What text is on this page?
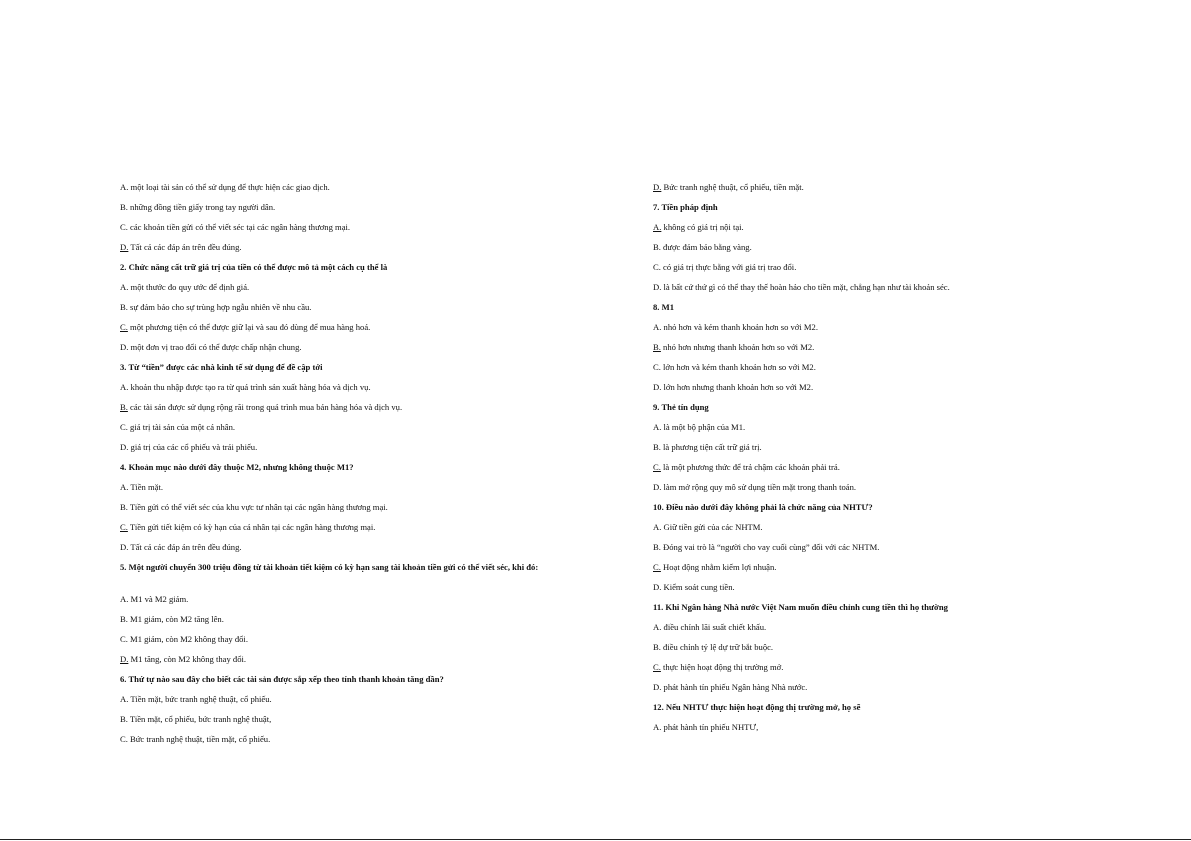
A. một loại tài sản có thể sử dụng để thực hiện các giao dịch.
B. những đồng tiền giấy trong tay người dân.
C. các khoản tiền gửi có thể viết séc tại các ngân hàng thương mại.
D. Tất cả các đáp án trên đều đúng.
2. Chức năng cất trữ giá trị của tiền có thể được mô tả một cách cụ thể là
A. một thước đo quy ước để định giá.
B. sự đảm bảo cho sự trùng hợp ngẫu nhiên về nhu cầu.
C. một phương tiện có thể được giữ lại và sau đó dùng để mua hàng hoá.
D. một đơn vị trao đổi có thể được chấp nhận chung.
3. Từ “tiền” được các nhà kinh tế sử dụng để đề cập tới
A. khoản thu nhập được tạo ra từ quá trình sản xuất hàng hóa và dịch vụ.
B. các tài sản được sử dụng rộng rãi trong quá trình mua bán hàng hóa và dịch vụ.
C. giá trị tài sản của một cá nhân.
D. giá trị của các cổ phiếu và trái phiếu.
4. Khoản mục nào dưới đây thuộc M2, nhưng không thuộc M1?
A. Tiền mặt.
B. Tiền gửi có thể viết séc của khu vực tư nhân tại các ngân hàng thương mại.
C. Tiền gửi tiết kiệm có kỳ hạn của cá nhân tại các ngân hàng thương mại.
D. Tất cả các đáp án trên đều đúng.
5. Một người chuyển 300 triệu đồng từ tài khoản tiết kiệm có kỳ hạn sang tài khoản tiền gửi có thể viết séc, khi đó:
A. M1 và M2 giảm.
B. M1 giảm, còn M2 tăng lên.
C. M1 giảm, còn M2 không thay đổi.
D. M1 tăng, còn M2 không thay đổi.
6. Thứ tự nào sau đây cho biết các tài sản được sắp xếp theo tính thanh khoản tăng dần?
A. Tiền mặt, bức tranh nghệ thuật, cổ phiếu.
B. Tiền mặt, cổ phiếu, bức tranh nghệ thuật,
C. Bức tranh nghệ thuật, tiền mặt, cổ phiếu.
D. Bức tranh nghệ thuật, cổ phiếu, tiền mặt.
7. Tiền pháp định
A. không có giá trị nội tại.
B. được đảm bảo bằng vàng.
C. có giá trị thực bằng với giá trị trao đổi.
D. là bất cứ thứ gì có thể thay thế hoàn hảo cho tiền mặt, chẳng hạn như tài khoản séc.
8. M1
A. nhỏ hơn và kém thanh khoản hơn so với M2.
B. nhỏ hơn nhưng thanh khoản hơn so với M2.
C. lớn hơn và kém thanh khoản hơn so với M2.
D. lớn hơn nhưng thanh khoản hơn so với M2.
9. Thẻ tín dụng
A. là một bộ phận của M1.
B. là phương tiện cất trữ giá trị.
C. là một phương thức để trả chậm các khoản phải trả.
D. làm mở rộng quy mô sử dụng tiền mặt trong thanh toán.
10. Điều nào dưới đây không phải là chức năng của NHTƯ?
A. Giữ tiền gửi của các NHTM.
B. Đóng vai trò là “người cho vay cuối cùng” đối với các NHTM.
C. Hoạt động nhằm kiếm lợi nhuận.
D. Kiểm soát cung tiền.
11. Khi Ngân hàng Nhà nước Việt Nam muốn điều chỉnh cung tiền thì họ thường
A. điều chỉnh lãi suất chiết khấu.
B. điều chỉnh tỷ lệ dự trữ bắt buộc.
C. thực hiện hoạt động thị trường mở.
D. phát hành tín phiếu Ngân hàng Nhà nước.
12. Nếu NHTƯ thực hiện hoạt động thị trường mở, họ sẽ
A. phát hành tín phiếu NHTƯ,
